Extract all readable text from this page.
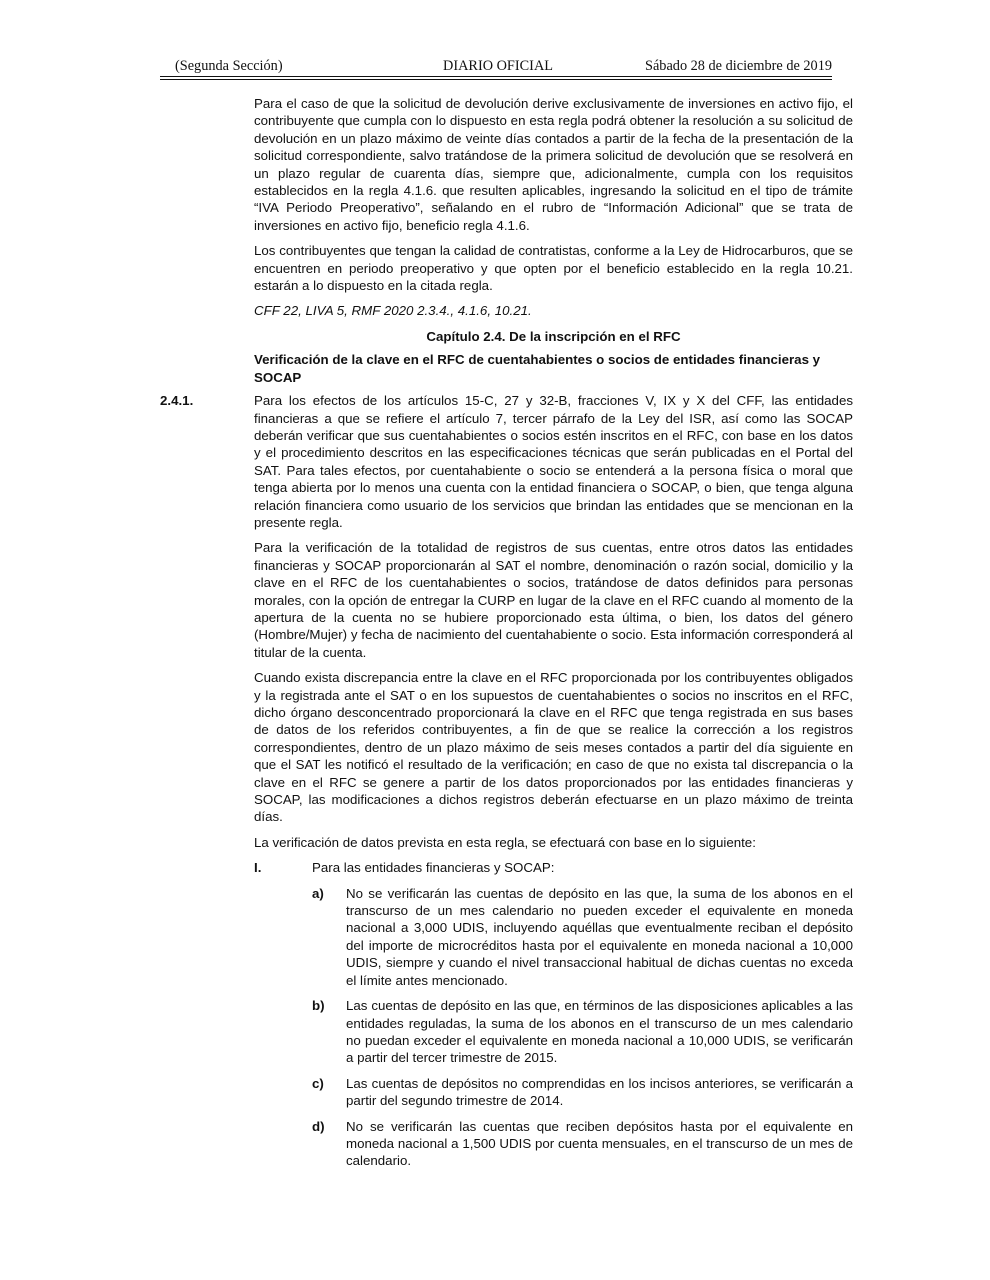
(Segunda Sección)	DIARIO OFICIAL	Sábado 28 de diciembre de 2019

Para el caso de que la solicitud de devolución derive exclusivamente de inversiones en activo fijo, el contribuyente que cumpla con lo dispuesto en esta regla podrá obtener la resolución a su solicitud de devolución en un plazo máximo de veinte días contados a partir de la fecha de la presentación de la solicitud correspondiente, salvo tratándose de la primera solicitud de devolución que se resolverá en un plazo regular de cuarenta días, siempre que, adicionalmente, cumpla con los requisitos establecidos en la regla 4.1.6. que resulten aplicables, ingresando la solicitud en el tipo de trámite “IVA Periodo Preoperativo”, señalando en el rubro de “Información Adicional” que se trata de inversiones en activo fijo, beneficio regla 4.1.6.

Los contribuyentes que tengan la calidad de contratistas, conforme a la Ley de Hidrocarburos, que se encuentren en periodo preoperativo y que opten por el beneficio establecido en la regla 10.21. estarán a lo dispuesto en la citada regla.

CFF 22, LIVA 5, RMF 2020 2.3.4., 4.1.6, 10.21.

Capítulo 2.4. De la inscripción en el RFC

Verificación de la clave en el RFC de cuentahabientes o socios de entidades financieras y SOCAP

2.4.1.	Para los efectos de los artículos 15-C, 27 y 32-B, fracciones V, IX y X del CFF, las entidades financieras a que se refiere el artículo 7, tercer párrafo de la Ley del ISR, así como las SOCAP deberán verificar que sus cuentahabientes o socios estén inscritos en el RFC, con base en los datos y el procedimiento descritos en las especificaciones técnicas que serán publicadas en el Portal del SAT. Para tales efectos, por cuentahabiente o socio se entenderá a la persona física o moral que tenga abierta por lo menos una cuenta con la entidad financiera o SOCAP, o bien, que tenga alguna relación financiera como usuario de los servicios que brindan las entidades que se mencionan en la presente regla.

Para la verificación de la totalidad de registros de sus cuentas, entre otros datos las entidades financieras y SOCAP proporcionarán al SAT el nombre, denominación o razón social, domicilio y la clave en el RFC de los cuentahabientes o socios, tratándose de datos definidos para personas morales, con la opción de entregar la CURP en lugar de la clave en el RFC cuando al momento de la apertura de la cuenta no se hubiere proporcionado esta última, o bien, los datos del género (Hombre/Mujer) y fecha de nacimiento del cuentahabiente o socio. Esta información corresponderá al titular de la cuenta.

Cuando exista discrepancia entre la clave en el RFC proporcionada por los contribuyentes obligados y la registrada ante el SAT o en los supuestos de cuentahabientes o socios no inscritos en el RFC, dicho órgano desconcentrado proporcionará la clave en el RFC que tenga registrada en sus bases de datos de los referidos contribuyentes, a fin de que se realice la corrección a los registros correspondientes, dentro de un plazo máximo de seis meses contados a partir del día siguiente en que el SAT les notificó el resultado de la verificación; en caso de que no exista tal discrepancia o la clave en el RFC se genere a partir de los datos proporcionados por las entidades financieras y SOCAP, las modificaciones a dichos registros deberán efectuarse en un plazo máximo de treinta días.

La verificación de datos prevista en esta regla, se efectuará con base en lo siguiente:

I.	Para las entidades financieras y SOCAP:

a) No se verificarán las cuentas de depósito en las que, la suma de los abonos en el transcurso de un mes calendario no pueden exceder el equivalente en moneda nacional a 3,000 UDIS, incluyendo aquéllas que eventualmente reciban el depósito del importe de microcréditos hasta por el equivalente en moneda nacional a 10,000 UDIS, siempre y cuando el nivel transaccional habitual de dichas cuentas no exceda el límite antes mencionado.

b) Las cuentas de depósito en las que, en términos de las disposiciones aplicables a las entidades reguladas, la suma de los abonos en el transcurso de un mes calendario no puedan exceder el equivalente en moneda nacional a 10,000 UDIS, se verificarán a partir del tercer trimestre de 2015.

c) Las cuentas de depósitos no comprendidas en los incisos anteriores, se verificarán a partir del segundo trimestre de 2014.

d) No se verificarán las cuentas que reciben depósitos hasta por el equivalente en moneda nacional a 1,500 UDIS por cuenta mensuales, en el transcurso de un mes de calendario.
